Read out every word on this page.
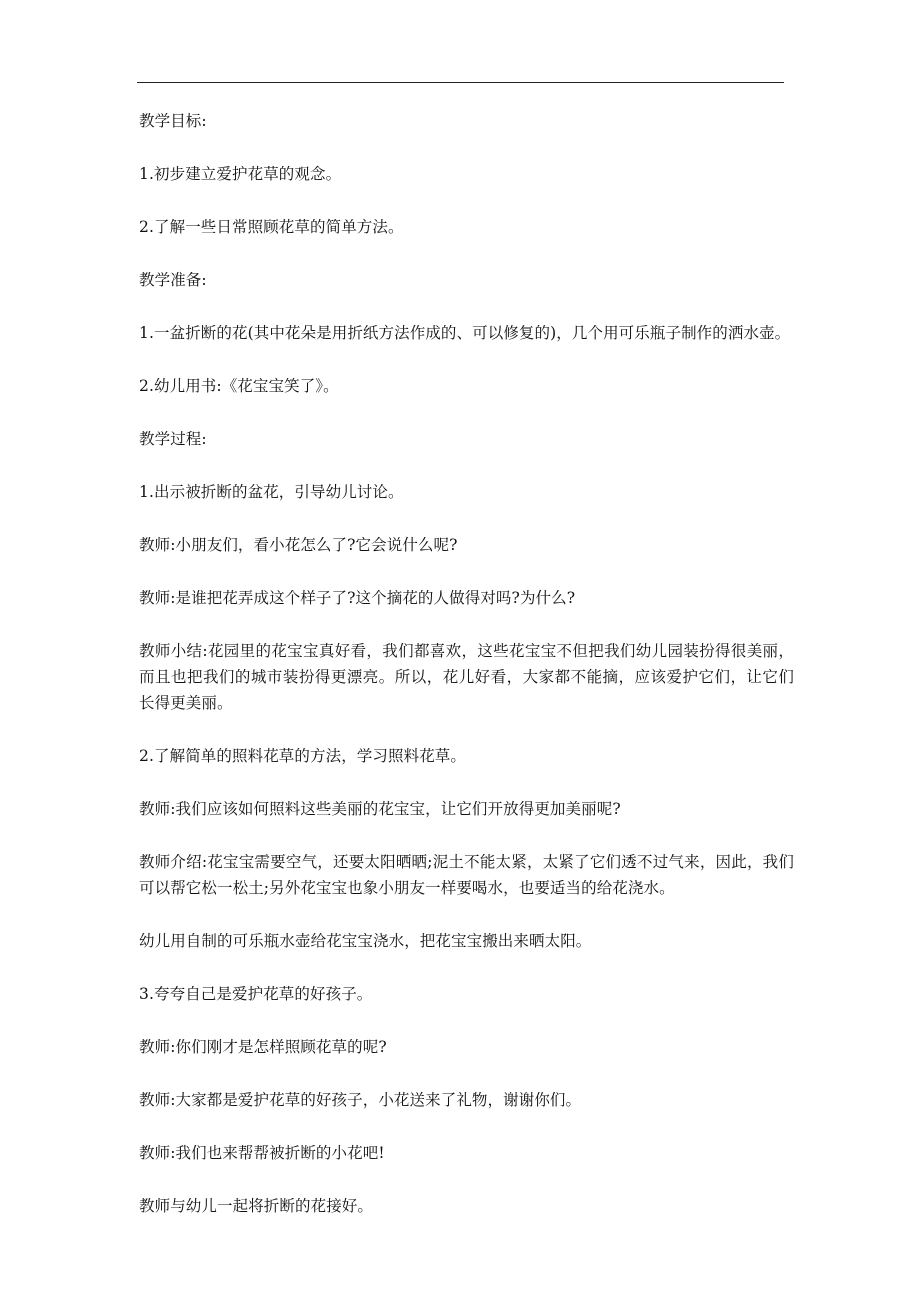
教学目标:

1.初步建立爱护花草的观念。

2.了解一些日常照顾花草的简单方法。

教学准备:

1.一盆折断的花(其中花朵是用折纸方法作成的、可以修复的)，几个用可乐瓶子制作的洒水壶。

2.幼儿用书:《花宝宝笑了》。

教学过程:

1.出示被折断的盆花，引导幼儿讨论。

教师:小朋友们，看小花怎么了?它会说什么呢?

教师:是谁把花弄成这个样子了?这个摘花的人做得对吗?为什么?

教师小结:花园里的花宝宝真好看，我们都喜欢，这些花宝宝不但把我们幼儿园装扮得很美丽，而且也把我们的城市装扮得更漂亮。所以，花儿好看，大家都不能摘，应该爱护它们，让它们长得更美丽。

2.了解简单的照料花草的方法，学习照料花草。

教师:我们应该如何照料这些美丽的花宝宝，让它们开放得更加美丽呢?

教师介绍:花宝宝需要空气，还要太阳晒晒;泥土不能太紧，太紧了它们透不过气来，因此，我们可以帮它松一松土;另外花宝宝也象小朋友一样要喝水，也要适当的给花浇水。

幼儿用自制的可乐瓶水壶给花宝宝浇水，把花宝宝搬出来晒太阳。

3.夸夸自己是爱护花草的好孩子。

教师:你们刚才是怎样照顾花草的呢?

教师:大家都是爱护花草的好孩子，小花送来了礼物，谢谢你们。

教师:我们也来帮帮被折断的小花吧!

教师与幼儿一起将折断的花接好。
